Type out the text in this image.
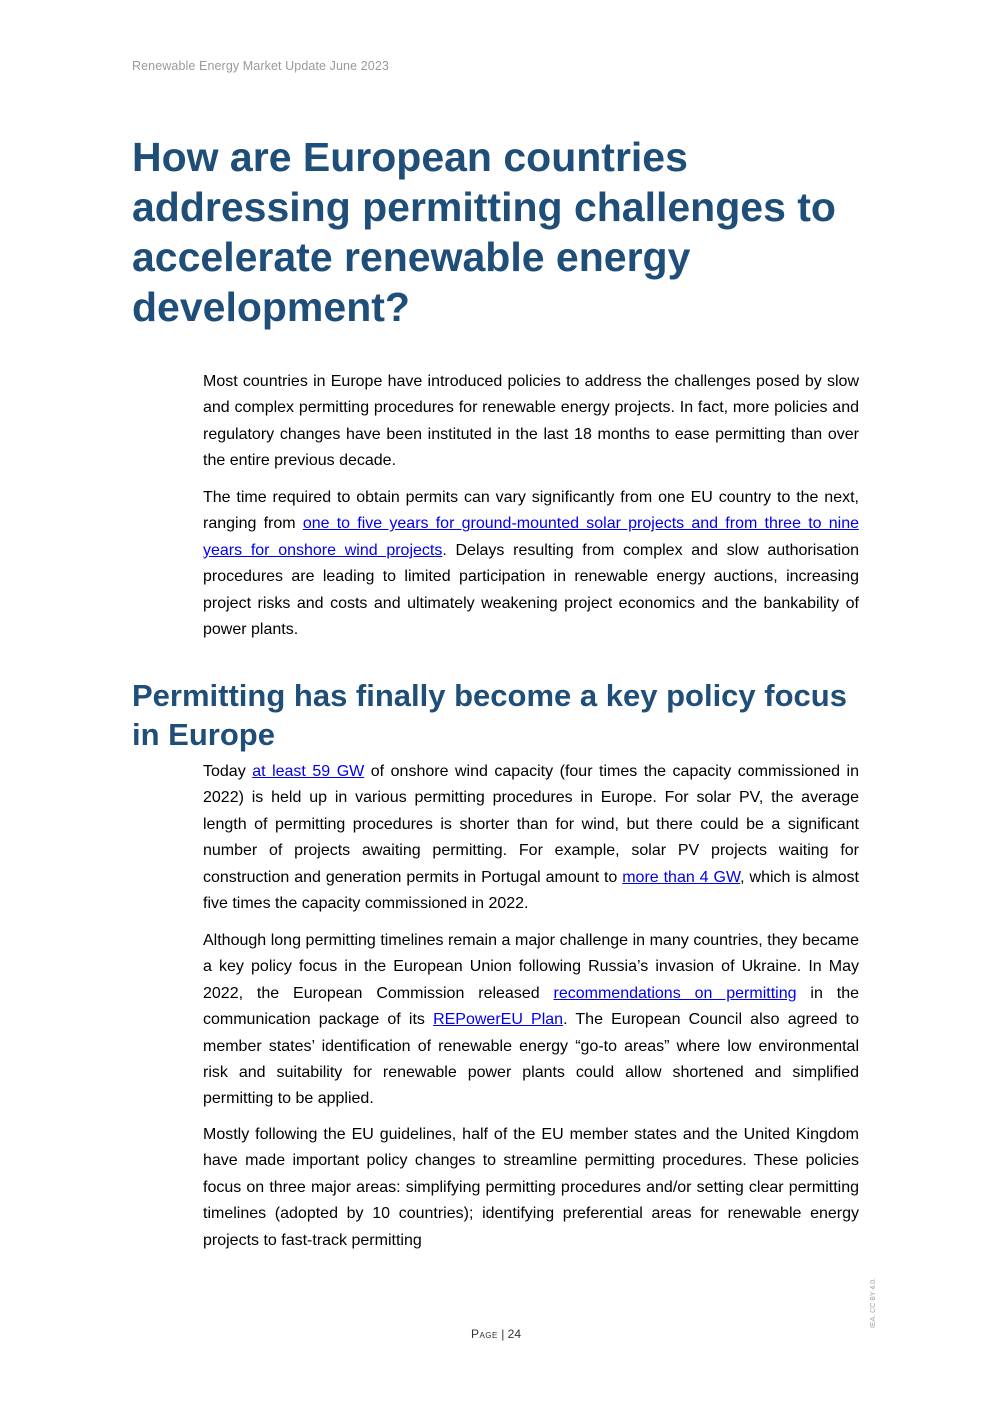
Renewable Energy Market Update June 2023
How are European countries addressing permitting challenges to accelerate renewable energy development?

Most countries in Europe have introduced policies to address the challenges posed by slow and complex permitting procedures for renewable energy projects. In fact, more policies and regulatory changes have been instituted in the last 18 months to ease permitting than over the entire previous decade.

The time required to obtain permits can vary significantly from one EU country to the next, ranging from one to five years for ground-mounted solar projects and from three to nine years for onshore wind projects. Delays resulting from complex and slow authorisation procedures are leading to limited participation in renewable energy auctions, increasing project risks and costs and ultimately weakening project economics and the bankability of power plants.

Permitting has finally become a key policy focus in Europe

Today at least 59 GW of onshore wind capacity (four times the capacity commissioned in 2022) is held up in various permitting procedures in Europe. For solar PV, the average length of permitting procedures is shorter than for wind, but there could be a significant number of projects awaiting permitting. For example, solar PV projects waiting for construction and generation permits in Portugal amount to more than 4 GW, which is almost five times the capacity commissioned in 2022.

Although long permitting timelines remain a major challenge in many countries, they became a key policy focus in the European Union following Russia’s invasion of Ukraine. In May 2022, the European Commission released recommendations on permitting in the communication package of its REPowerEU Plan. The European Council also agreed to member states’ identification of renewable energy “go-to areas” where low environmental risk and suitability for renewable power plants could allow shortened and simplified permitting to be applied.

Mostly following the EU guidelines, half of the EU member states and the United Kingdom have made important policy changes to streamline permitting procedures. These policies focus on three major areas: simplifying permitting procedures and/or setting clear permitting timelines (adopted by 10 countries); identifying preferential areas for renewable energy projects to fast-track permitting

Page | 24
IEA. CC BY 4.0.
